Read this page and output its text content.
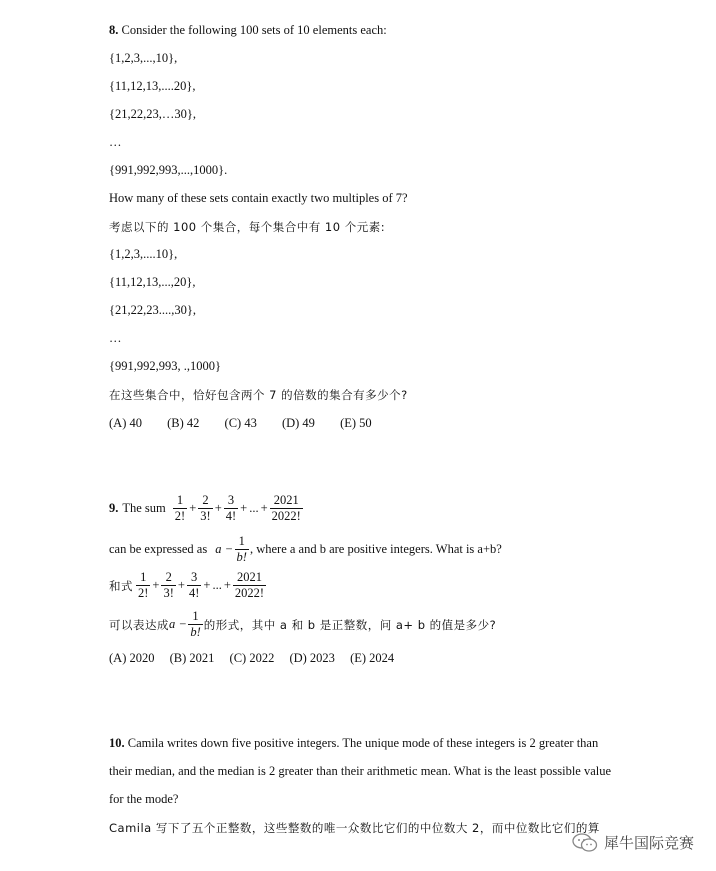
8. Consider the following 100 sets of 10 elements each:
{1,2,3,...,10},
{11,12,13,....20},
{21,22,23,…30},
…
{991,992,993,...,1000}.
How many of these sets contain exactly two multiples of 7?
考虑以下的 100 个集合，每个集合中有 10 个元素:
{1,2,3,....10},
{11,12,13,...,20},
{21,22,23....,30},
…
{991,992,993, .,1000}
在这些集合中，恰好包含两个 7 的倍数的集合有多少个?
(A) 40 (B) 42 (C) 43 (D) 49 (E) 50
9. The sum $\frac{1}{2!} + \frac{2}{3!} + \frac{3}{4!}$ + ... + $\frac{2021}{2022!}$
can be expressed as $a - \frac{1}{b!}$ , where a and b are positive integers. What is a+b?
和式 $\frac{1}{2!} + \frac{2}{3!} + \frac{3}{4!}$ + ... + $\frac{2021}{2022!}$
可以表达成 $a - \frac{1}{b!}$ 的形式，其中 a 和 b 是正整数，问 a+ b 的值是多少?
(A) 2020 (B) 2021 (C) 2022 (D) 2023 (E) 2024
10. Camila writes down five positive integers. The unique mode of these integers is 2 greater than
their median, and the median is 2 greater than their arithmetic mean. What is the least possible value
for the mode?
Camila 写下了五个正整数，这些整数的唯一众数比它们的中位数大 2，而中位数比它们的算
犀牛国际竞赛
